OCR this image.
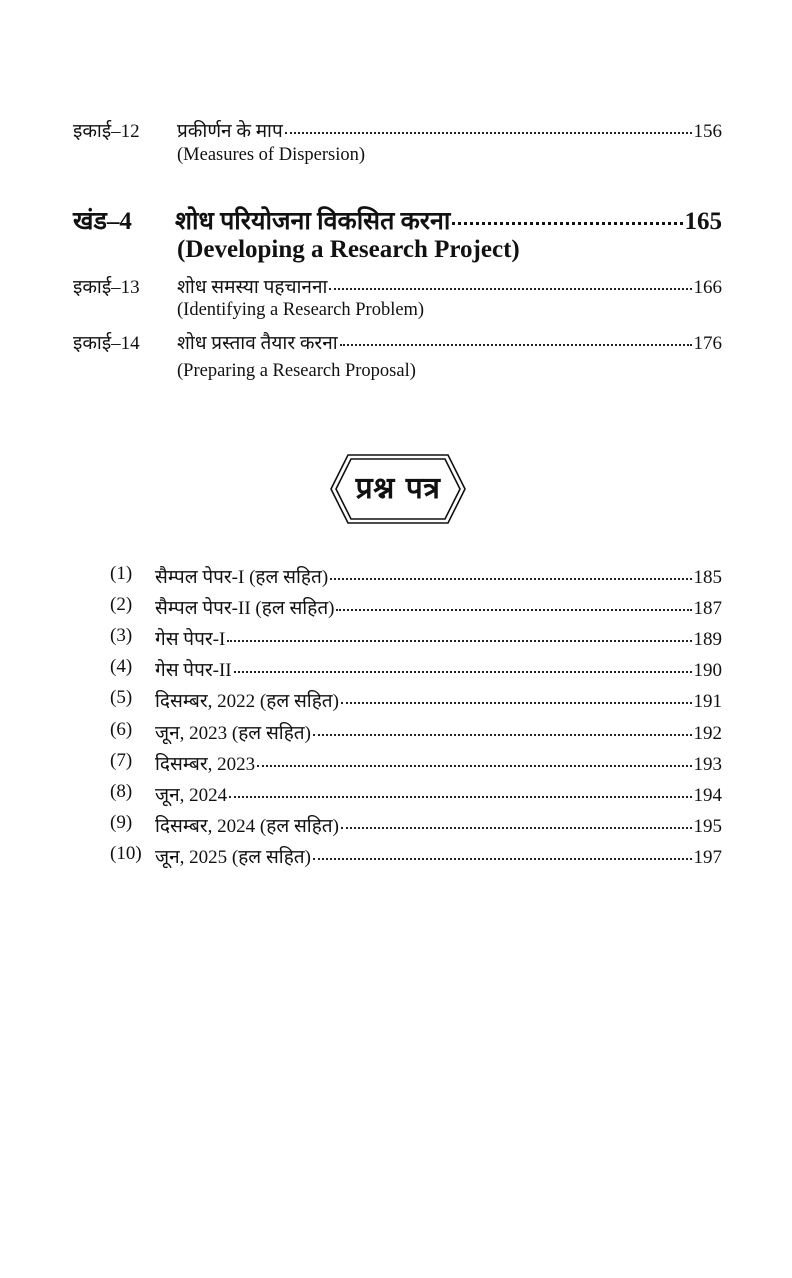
इकाई–12 प्रकीर्णन के माप	156
(Measures of Dispersion)
खंड–4 शोध परियोजना विकसित करना	165
(Developing a Research Project)
इकाई–13 शोध समस्या पहचानना	166
(Identifying a Research Problem)
इकाई–14 शोध प्रस्ताव तैयार करना	176
(Preparing a Research Proposal)
प्रश्न पत्र
(1) सैम्पल पेपर-I (हल सहित)	185
(2) सैम्पल पेपर-II (हल सहित)	187
(3) गेस पेपर-I	189
(4) गेस पेपर-II	190
(5) दिसम्बर, 2022 (हल सहित)	191
(6) जून, 2023 (हल सहित)	192
(7) दिसम्बर, 2023	193
(8) जून, 2024	194
(9) दिसम्बर, 2024 (हल सहित)	195
(10) जून, 2025 (हल सहित)	197
